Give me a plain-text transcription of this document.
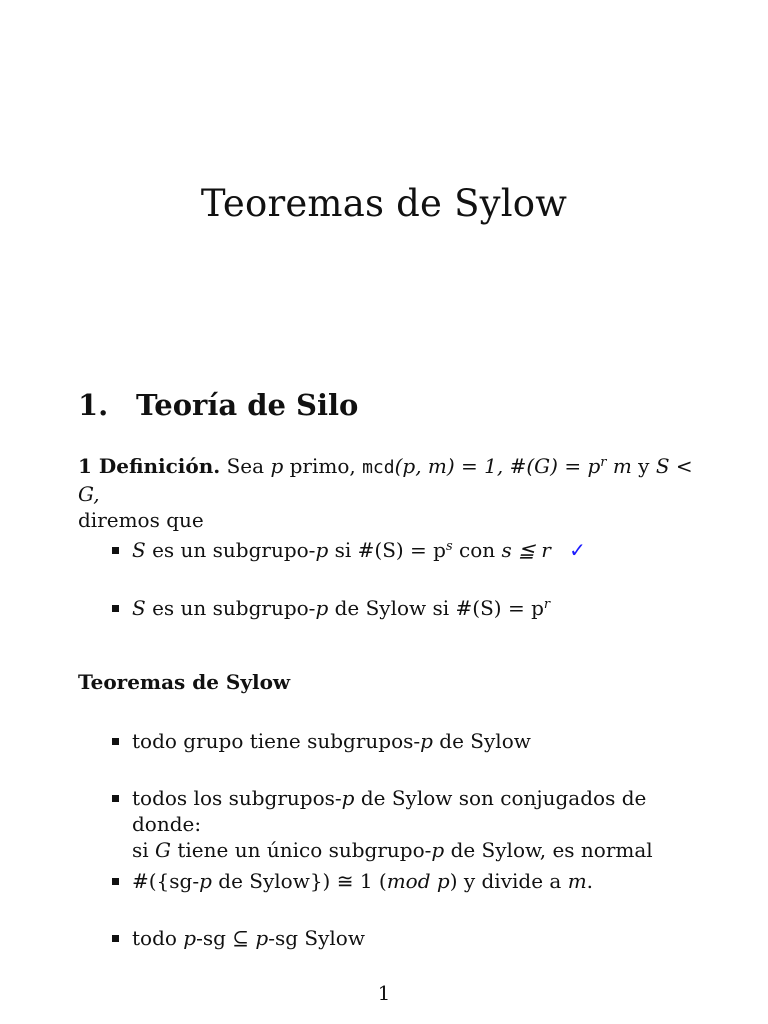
Teoremas de Sylow
1. Teoría de Silo
1 Definición. Sea p primo, mcd(p, m) = 1, #(G) = $p^r$ m y S < G,
diremos que
S es un subgrupo-p si #(S) = $p^s$ con s ≦ r ✓
S es un subgrupo-p de Sylow si #(S) = $p^r$
Teoremas de Sylow
todo grupo tiene subgrupos-p de Sylow
todos los subgrupos-p de Sylow son conjugados de donde:
si G tiene un único subgrupo-p de Sylow, es normal
#({sg-p de Sylow}) ≅ 1 (mod p) y divide a m.
todo p-sg ⊆ p-sg Sylow
1
